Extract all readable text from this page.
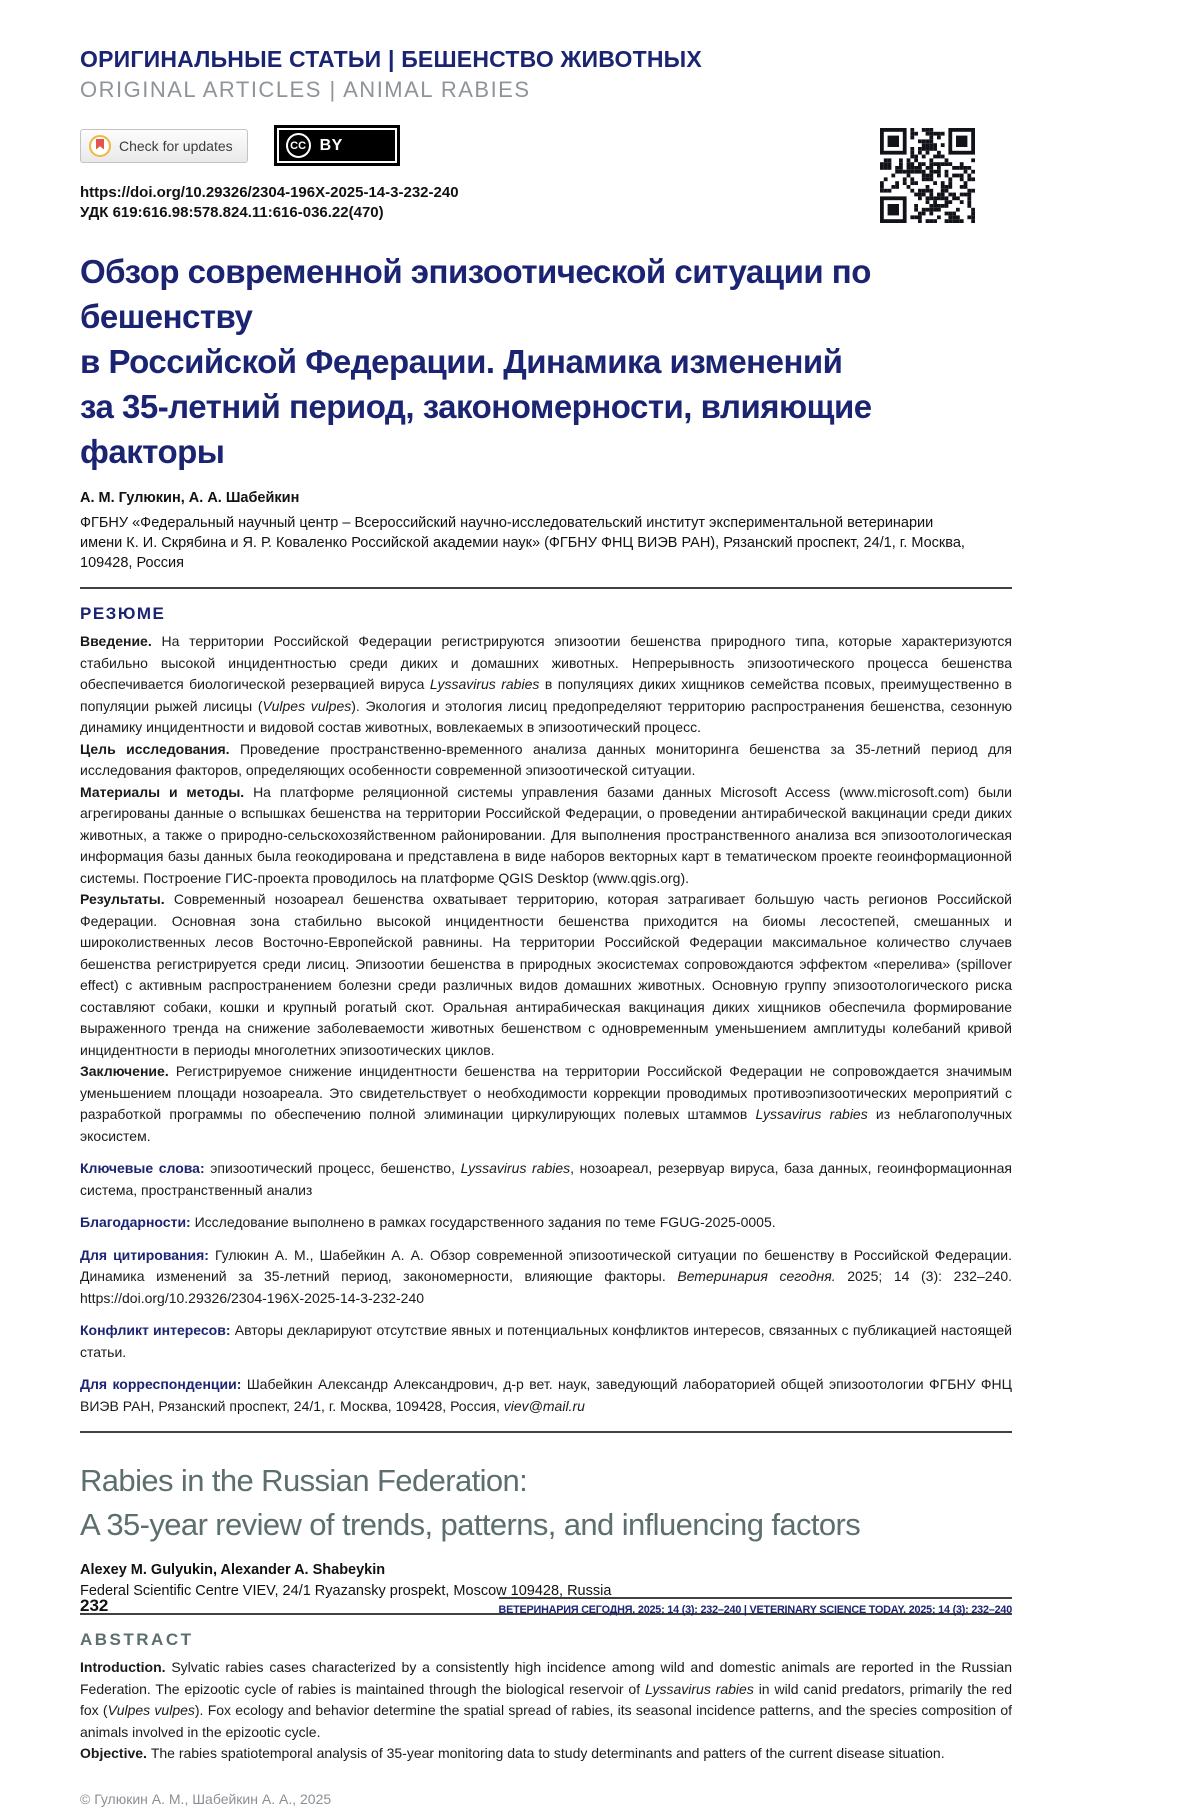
ОРИГИНАЛЬНЫЕ СТАТЬИ | БЕШЕНСТВО ЖИВОТНЫХ
ORIGINAL ARTICLES | ANIMAL RABIES
Check for updates	CC BY
https://doi.org/10.29326/2304-196X-2025-14-3-232-240
УДК 619:616.98:578.824.11:616-036.22(470)
Обзор современной эпизоотической ситуации по бешенству
в Российской Федерации. Динамика изменений
за 35-летний период, закономерности, влияющие факторы
А. М. Гулюкин, А. А. Шабейкин
ФГБНУ «Федеральный научный центр – Всероссийский научно-исследовательский институт экспериментальной ветеринарии
имени К. И. Скрябина и Я. Р. Коваленко Российской академии наук» (ФГБНУ ФНЦ ВИЭВ РАН), Рязанский проспект, 24/1, г. Москва, 109428, Россия
РЕЗЮМЕ

Введение. На территории Российской Федерации регистрируются эпизоотии бешенства природного типа, которые характеризуются стабильно высокой инцидентностью среди диких и домашних животных. Непрерывность эпизоотического процесса бешенства обеспечивается биологической резервацией вируса Lyssavirus rabies в популяциях диких хищников семейства псовых, преимущественно в популяции рыжей лисицы (Vulpes vulpes). Экология и этология лисиц предопределяют территорию распространения бешенства, сезонную динамику инцидентности и видовой состав животных, вовлекаемых в эпизоотический процесс.

Цель исследования. Проведение пространственно-временного анализа данных мониторинга бешенства за 35-летний период для исследования факторов, определяющих особенности современной эпизоотической ситуации.

Материалы и методы. На платформе реляционной системы управления базами данных Microsoft Access (www.microsoft.com) были агрегированы данные о вспышках бешенства на территории Российской Федерации, о проведении антирабической вакцинации среди диких животных, а также о природно-сельскохозяйственном районировании. Для выполнения пространственного анализа вся эпизоотологическая информация базы данных была геокодирована и представлена в виде наборов векторных карт в тематическом проекте геоинформационной системы. Построение ГИС-проекта проводилось на платформе QGIS Desktop (www.qgis.org).

Результаты. Современный нозоареал бешенства охватывает территорию, которая затрагивает большую часть регионов Российской Федерации. Основная зона стабильно высокой инцидентности бешенства приходится на биомы лесостепей, смешанных и широколиственных лесов Восточно-Европейской равнины. На территории Российской Федерации максимальное количество случаев бешенства регистрируется среди лисиц. Эпизоотии бешенства в природных экосистемах сопровождаются эффектом «перелива» (spillover effect) с активным распространением болезни среди различных видов домашних животных. Основную группу эпизоотологического риска составляют собаки, кошки и крупный рогатый скот. Оральная антирабическая вакцинация диких хищников обеспечила формирование выраженного тренда на снижение заболеваемости животных бешенством с одновременным уменьшением амплитуды колебаний кривой инцидентности в периоды многолетних эпизоотических циклов.

Заключение. Регистрируемое снижение инцидентности бешенства на территории Российской Федерации не сопровождается значимым уменьшением площади нозоареала. Это свидетельствует о необходимости коррекции проводимых противоэпизоотических мероприятий с разработкой программы по обеспечению полной элиминации циркулирующих полевых штаммов Lyssavirus rabies из неблагополучных экосистем.

Ключевые слова: эпизоотический процесс, бешенство, Lyssavirus rabies, нозоареал, резервуар вируса, база данных, геоинформационная система, пространственный анализ

Благодарности: Исследование выполнено в рамках государственного задания по теме FGUG-2025-0005.

Для цитирования: Гулюкин А. М., Шабейкин А. А. Обзор современной эпизоотической ситуации по бешенству в Российской Федерации. Динамика изменений за 35-летний период, закономерности, влияющие факторы. Ветеринария сегодня. 2025; 14 (3): 232–240. https://doi.org/10.29326/2304-196X-2025-14-3-232-240

Конфликт интересов: Авторы декларируют отсутствие явных и потенциальных конфликтов интересов, связанных с публикацией настоящей статьи.

Для корреспонденции: Шабейкин Александр Александрович, д-р вет. наук, заведующий лабораторией общей эпизоотологии ФГБНУ ФНЦ ВИЭВ РАН, Рязанский проспект, 24/1, г. Москва, 109428, Россия, viev@mail.ru

Rabies in the Russian Federation:
A 35-year review of trends, patterns, and influencing factors
Alexey M. Gulyukin, Alexander A. Shabeykin
Federal Scientific Centre VIEV, 24/1 Ryazansky prospekt, Moscow 109428, Russia
ABSTRACT

Introduction. Sylvatic rabies cases characterized by a consistently high incidence among wild and domestic animals are reported in the Russian Federation. The epizootic cycle of rabies is maintained through the biological reservoir of Lyssavirus rabies in wild canid predators, primarily the red fox (Vulpes vulpes). Fox ecology and behavior determine the spatial spread of rabies, its seasonal incidence patterns, and the species composition of animals involved in the epizootic cycle.

Objective. The rabies spatiotemporal analysis of 35-year monitoring data to study determinants and patters of the current disease situation.

© Гулюкин А. М., Шабейкин А. А., 2025
232	ВЕТЕРИНАРИЯ СЕГОДНЯ. 2025; 14 (3): 232–240 | VETERINARY SCIENCE TODAY. 2025; 14 (3): 232–240
